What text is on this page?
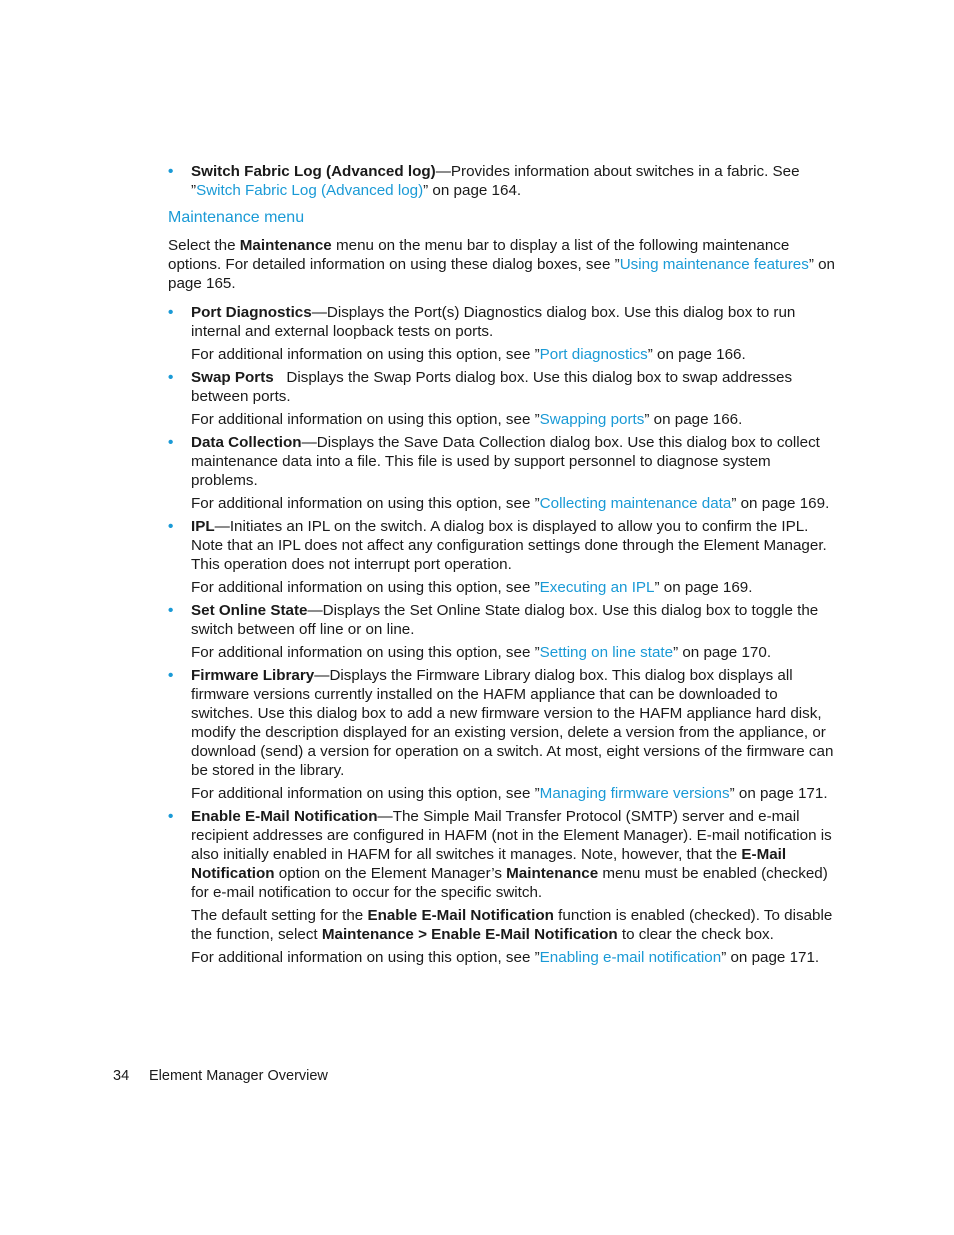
• Switch Fabric Log (Advanced log)—Provides information about switches in a fabric. See ”Switch Fabric Log (Advanced log)” on page 164.

Maintenance menu

Select the Maintenance menu on the menu bar to display a list of the following maintenance options. For detailed information on using these dialog boxes, see ”Using maintenance features” on page 165.

• Port Diagnostics—Displays the Port(s) Diagnostics dialog box. Use this dialog box to run internal and external loopback tests on ports.

For additional information on using this option, see ”Port diagnostics” on page 166.

• Swap Ports   Displays the Swap Ports dialog box. Use this dialog box to swap addresses between ports.

For additional information on using this option, see ”Swapping ports” on page 166.

• Data Collection—Displays the Save Data Collection dialog box. Use this dialog box to collect maintenance data into a file. This file is used by support personnel to diagnose system problems.

For additional information on using this option, see ”Collecting maintenance data” on page 169.

• IPL—Initiates an IPL on the switch. A dialog box is displayed to allow you to confirm the IPL. Note that an IPL does not affect any configuration settings done through the Element Manager. This operation does not interrupt port operation.

For additional information on using this option, see ”Executing an IPL” on page 169.

• Set Online State—Displays the Set Online State dialog box. Use this dialog box to toggle the switch between off line or on line.

For additional information on using this option, see ”Setting on line state” on page 170.

• Firmware Library—Displays the Firmware Library dialog box. This dialog box displays all firmware versions currently installed on the HAFM appliance that can be downloaded to switches. Use this dialog box to add a new firmware version to the HAFM appliance hard disk, modify the description displayed for an existing version, delete a version from the appliance, or download (send) a version for operation on a switch. At most, eight versions of the firmware can be stored in the library.

For additional information on using this option, see ”Managing firmware versions” on page 171.

• Enable E-Mail Notification—The Simple Mail Transfer Protocol (SMTP) server and e-mail recipient addresses are configured in HAFM (not in the Element Manager). E-mail notification is also initially enabled in HAFM for all switches it manages. Note, however, that the E-Mail Notification option on the Element Manager’s Maintenance menu must be enabled (checked) for e-mail notification to occur for the specific switch.

The default setting for the Enable E-Mail Notification function is enabled (checked). To disable the function, select Maintenance > Enable E-Mail Notification to clear the check box.

For additional information on using this option, see ”Enabling e-mail notification” on page 171.

34 Element Manager Overview
